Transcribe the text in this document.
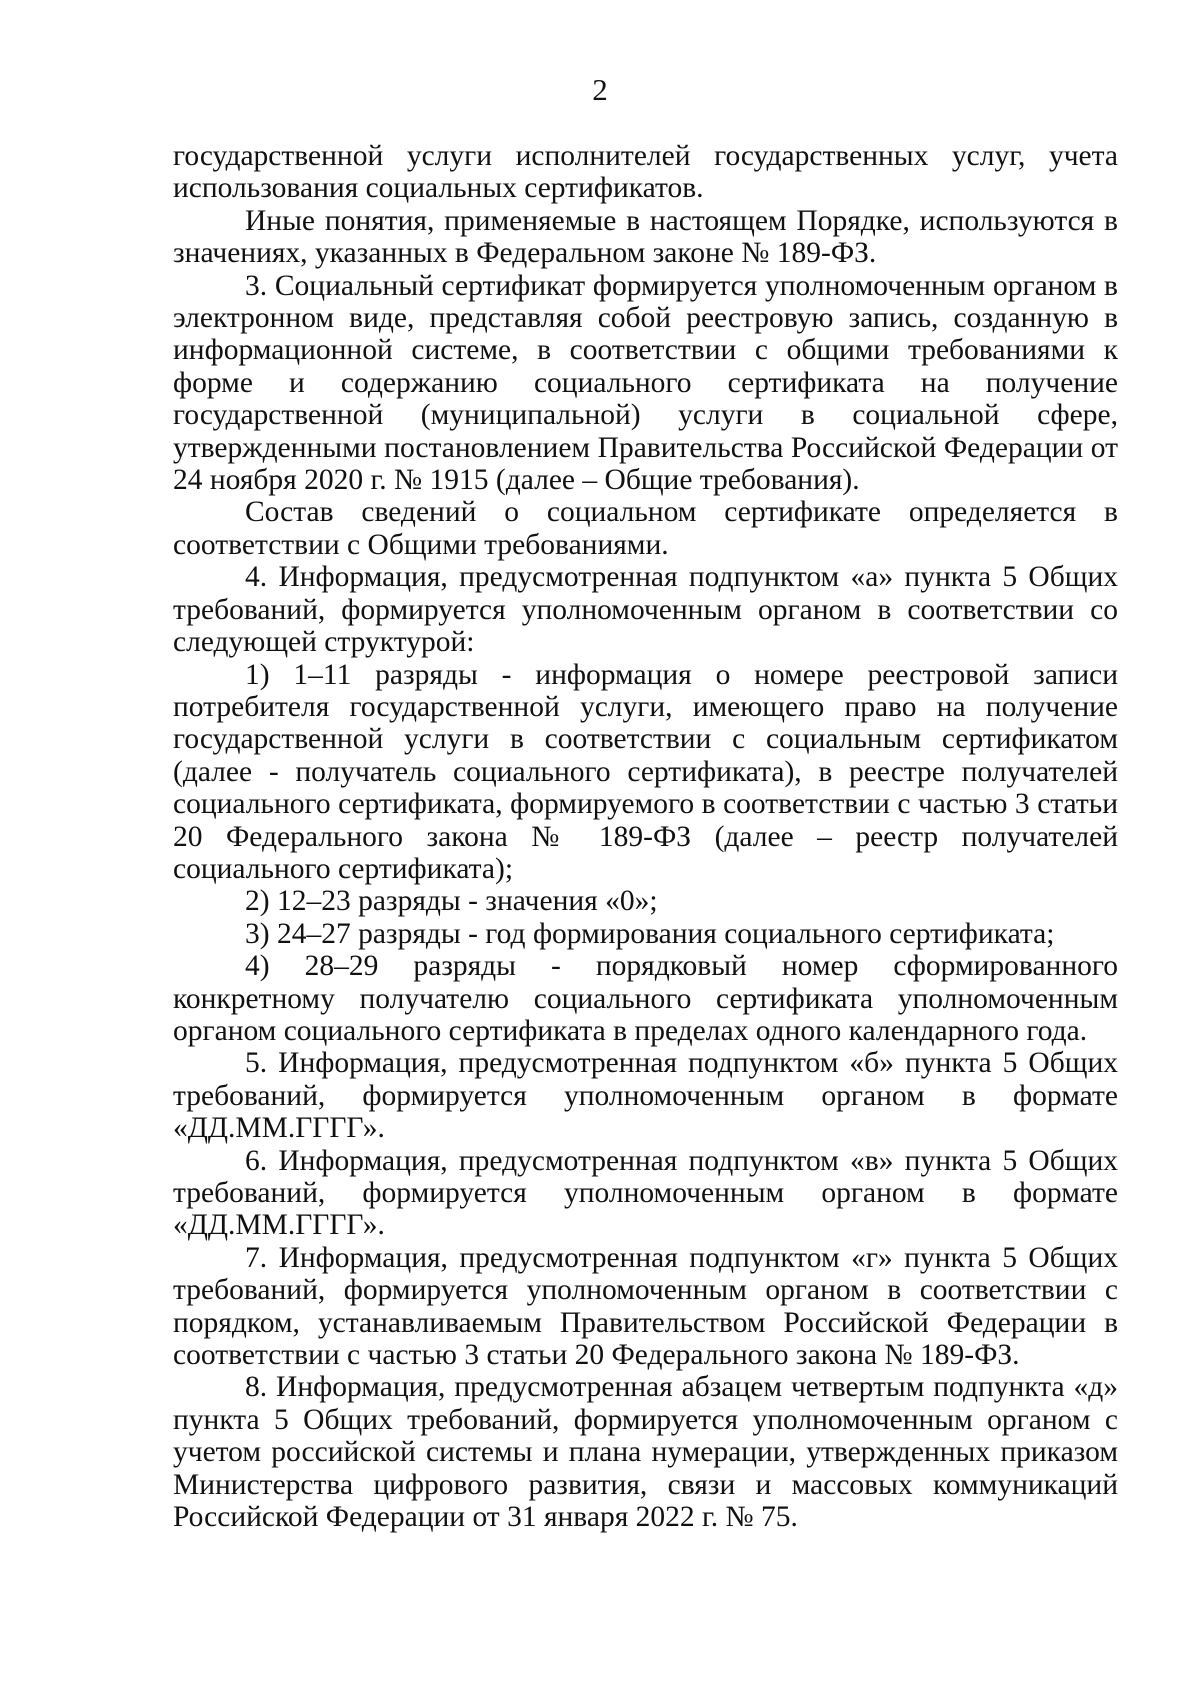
2

государственной услуги исполнителей государственных услуг, учета использования социальных сертификатов.

Иные понятия, применяемые в настоящем Порядке, используются в значениях, указанных в Федеральном законе № 189-ФЗ.

3. Социальный сертификат формируется уполномоченным органом в электронном виде, представляя собой реестровую запись, созданную в информационной системе, в соответствии с общими требованиями к форме и содержанию социального сертификата на получение государственной (муниципальной) услуги в социальной сфере, утвержденными постановлением Правительства Российской Федерации от 24 ноября 2020 г. № 1915 (далее – Общие требования).

Состав сведений о социальном сертификате определяется в соответствии с Общими требованиями.

4. Информация, предусмотренная подпунктом «а» пункта 5 Общих требований, формируется уполномоченным органом в соответствии со следующей структурой:

1) 1–11 разряды - информация о номере реестровой записи потребителя государственной услуги, имеющего право на получение государственной услуги в соответствии с социальным сертификатом (далее - получатель социального сертификата), в реестре получателей социального сертификата, формируемого в соответствии с частью 3 статьи 20 Федерального закона № 189-ФЗ (далее – реестр получателей социального сертификата);

2) 12–23 разряды - значения «0»;

3) 24–27 разряды - год формирования социального сертификата;

4) 28–29 разряды - порядковый номер сформированного конкретному получателю социального сертификата уполномоченным органом социального сертификата в пределах одного календарного года.

5. Информация, предусмотренная подпунктом «б» пункта 5 Общих требований, формируется уполномоченным органом в формате «ДД.ММ.ГГГГ».

6. Информация, предусмотренная подпунктом «в» пункта 5 Общих требований, формируется уполномоченным органом в формате «ДД.ММ.ГГГГ».

7. Информация, предусмотренная подпунктом «г» пункта 5 Общих требований, формируется уполномоченным органом в соответствии с порядком, устанавливаемым Правительством Российской Федерации в соответствии с частью 3 статьи 20 Федерального закона № 189-ФЗ.

8. Информация, предусмотренная абзацем четвертым подпункта «д» пункта 5 Общих требований, формируется уполномоченным органом с учетом российской системы и плана нумерации, утвержденных приказом Министерства цифрового развития, связи и массовых коммуникаций Российской Федерации от 31 января 2022 г. № 75.
